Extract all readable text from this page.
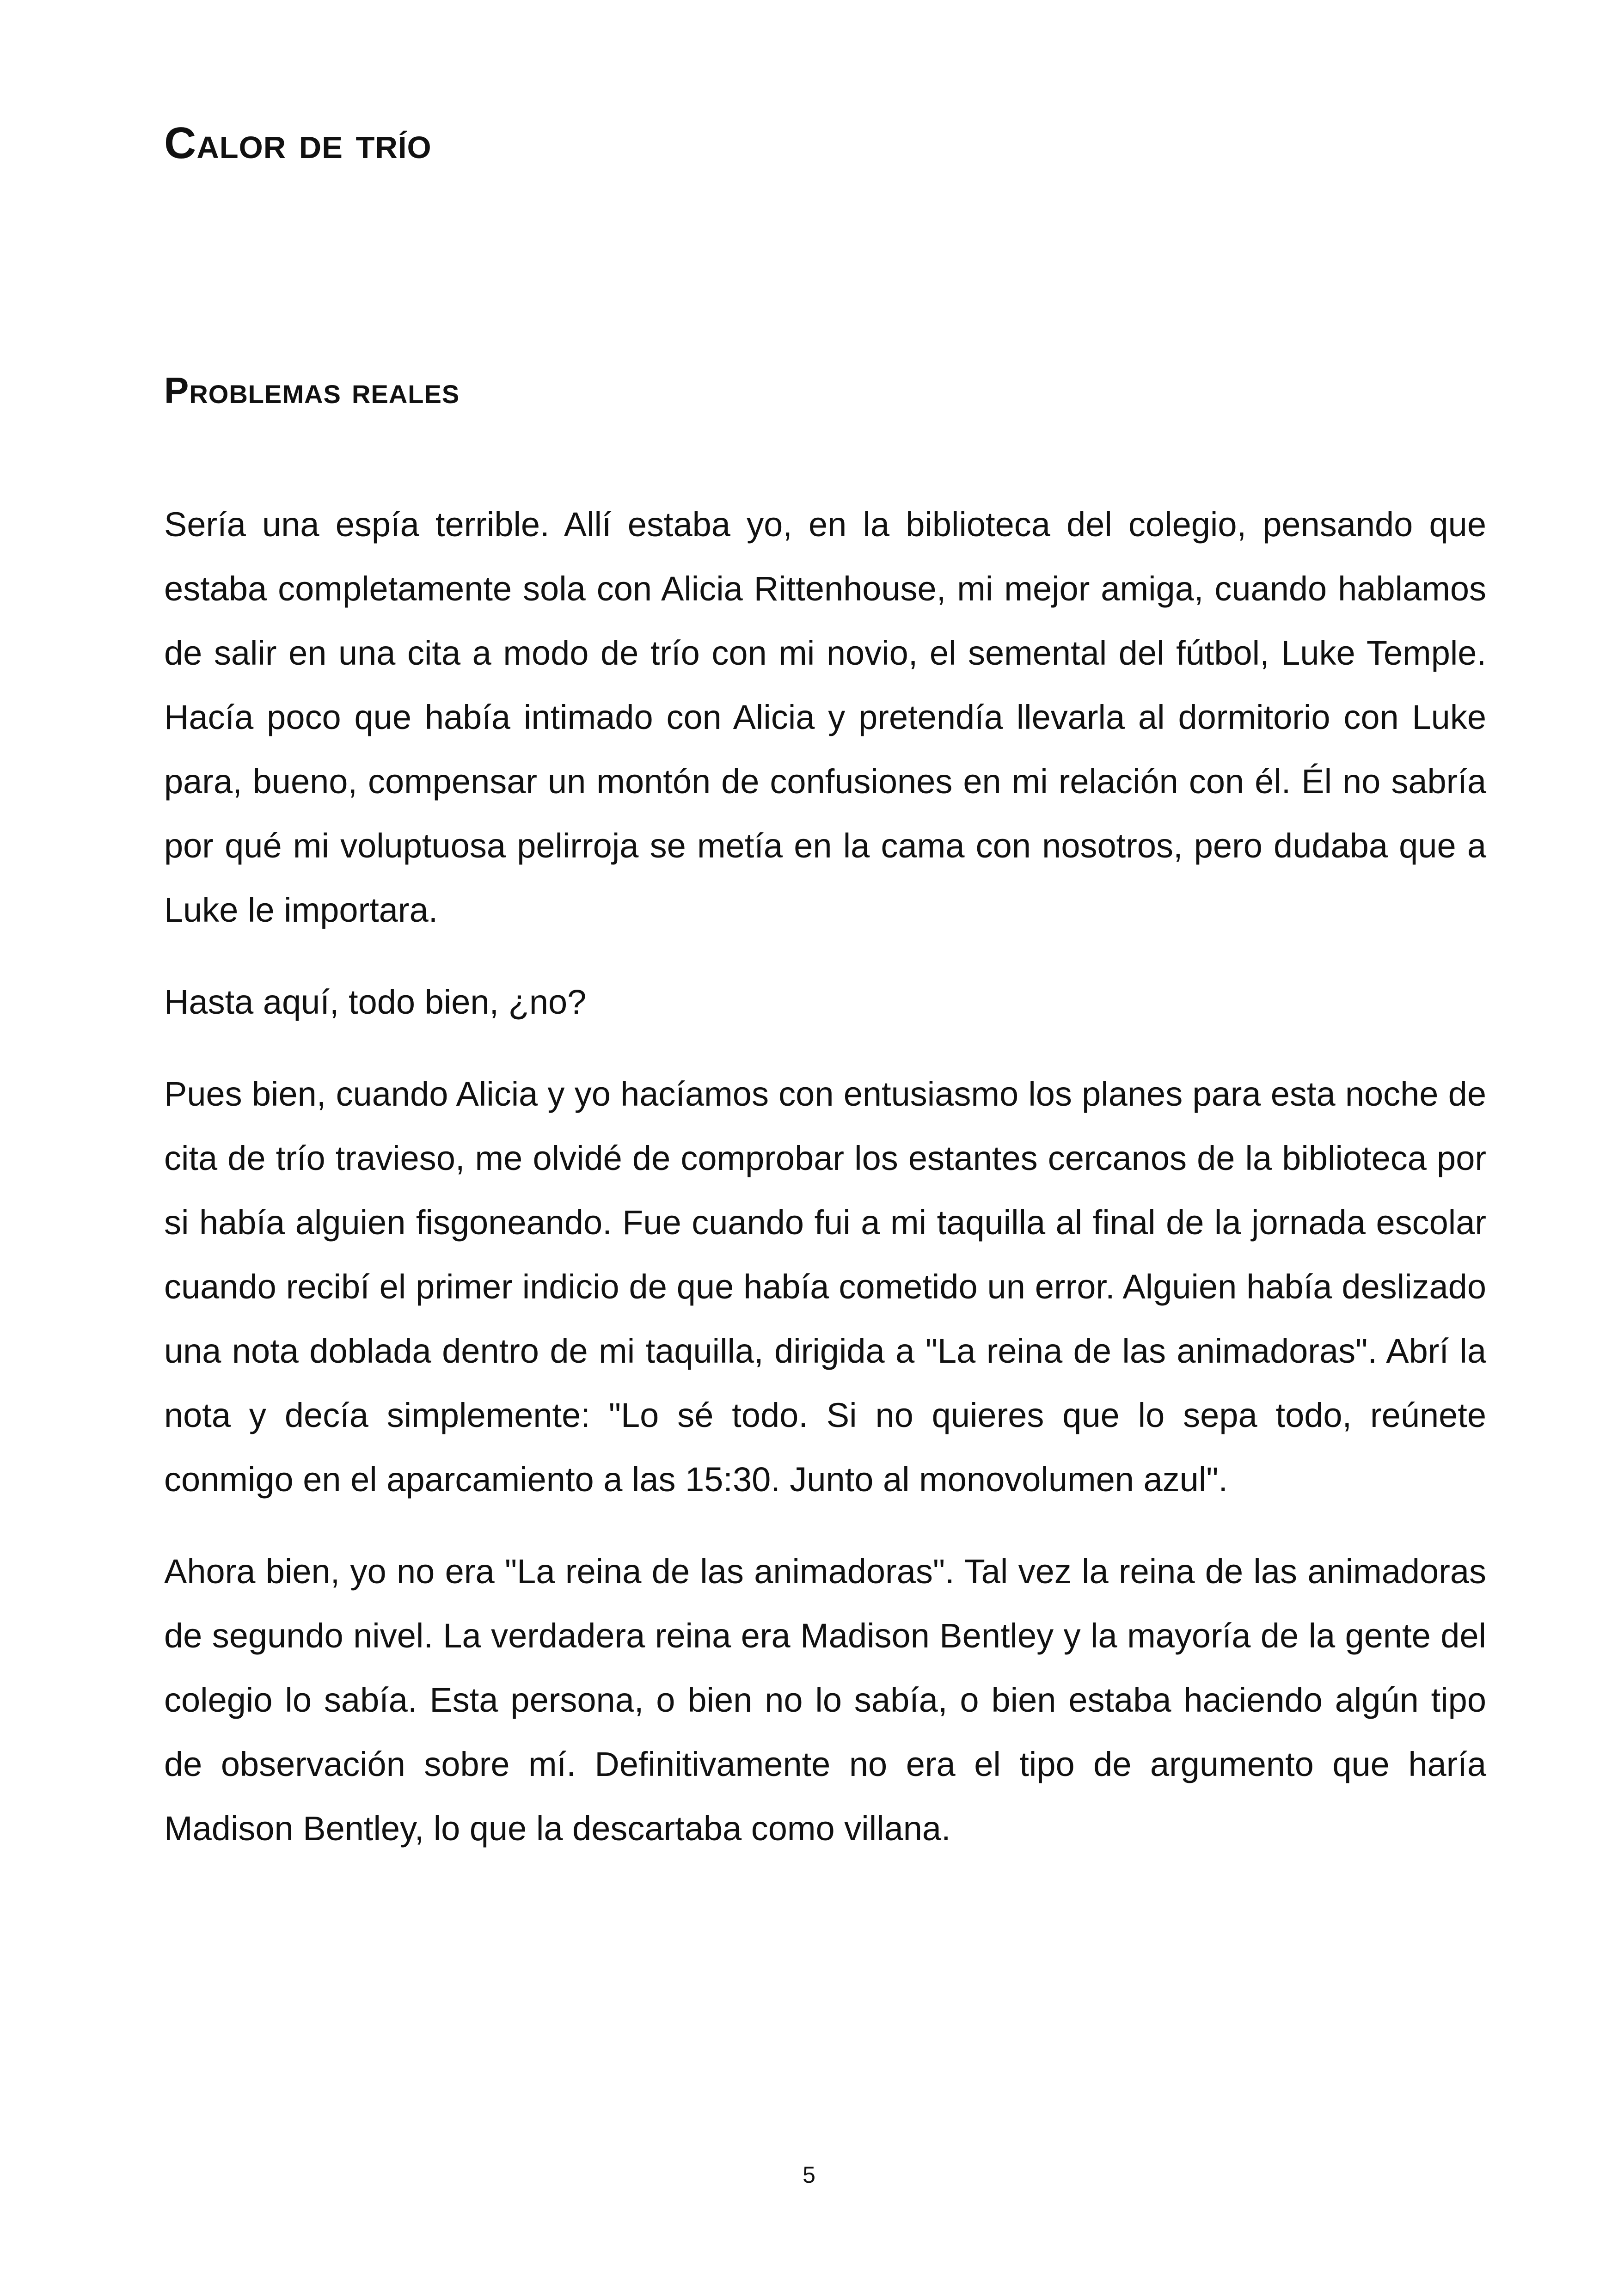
Calor de trío
Problemas reales

Sería una espía terrible. Allí estaba yo, en la biblioteca del colegio, pensando que estaba completamente sola con Alicia Rittenhouse, mi mejor amiga, cuando hablamos de salir en una cita a modo de trío con mi novio, el semental del fútbol, Luke Temple. Hacía poco que había intimado con Alicia y pretendía llevarla al dormitorio con Luke para, bueno, compensar un montón de confusiones en mi relación con él. Él no sabría por qué mi voluptuosa pelirroja se metía en la cama con nosotros, pero dudaba que a Luke le importara.

Hasta aquí, todo bien, ¿no?

Pues bien, cuando Alicia y yo hacíamos con entusiasmo los planes para esta noche de cita de trío travieso, me olvidé de comprobar los estantes cercanos de la biblioteca por si había alguien fisgoneando. Fue cuando fui a mi taquilla al final de la jornada escolar cuando recibí el primer indicio de que había cometido un error. Alguien había deslizado una nota doblada dentro de mi taquilla, dirigida a "La reina de las animadoras". Abrí la nota y decía simplemente: "Lo sé todo. Si no quieres que lo sepa todo, reúnete conmigo en el aparcamiento a las 15:30. Junto al monovolumen azul".

Ahora bien, yo no era "La reina de las animadoras". Tal vez la reina de las animadoras de segundo nivel. La verdadera reina era Madison Bentley y la mayoría de la gente del colegio lo sabía. Esta persona, o bien no lo sabía, o bien estaba haciendo algún tipo de observación sobre mí. Definitivamente no era el tipo de argumento que haría Madison Bentley, lo que la descartaba como villana.

5
